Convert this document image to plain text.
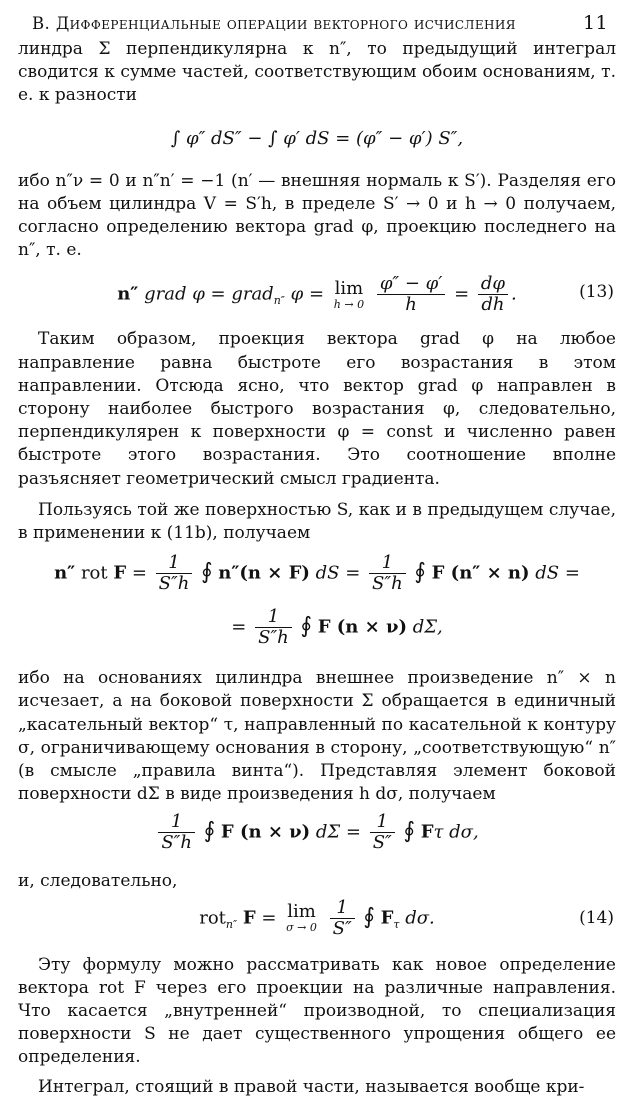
B. Дифференциальные операции векторного исчисления	11

линдра Σ перпендикулярна к n″, то предыдущий интеграл сводится к сумме частей, соответствующим обоим основаниям, т. е. к разности

∫ φ″ dS″ − ∫ φ′ dS = (φ″ − φ′) S″,

ибо n″ν = 0 и n″n′ = −1 (n′ — внешняя нормаль к S′). Разделяя его на объем цилиндра V = S′h, в пределе S′ → 0 и h → 0 получаем, согласно определению вектора grad φ, проекцию последнего на n″, т. е.

n″ grad φ = grad$_{n''}$ φ = lim
h → 0
$\frac{\varphi'' - \varphi'}{h} = \frac{d\varphi}{dh}$ .	(13)

Таким образом, проекция вектора grad φ на любое направление равна быстроте его возрастания в этом направлении. Отсюда ясно, что вектор grad φ направлен в сторону наиболее быстрого возрастания φ, следовательно, перпендикулярен к поверхности φ = const и численно равен быстроте этого возрастания. Это соотношение вполне разъясняет геометрический смысл градиента.

Пользуясь той же поверхностью S, как и в предыдущем случае, в применении к (11b), получаем

n″ rot $F = \frac{1}{S''h}$ ∮ n″(n × F) dS = $\frac{1}{S''h}$ ∮ F (n″ × n) dS =
= $\frac{1}{S''h}$ ∮ F (n × ν) dΣ,

ибо на основаниях цилиндра внешнее произведение n″ × n исчезает, а на боковой поверхности Σ обращается в единичный „касательный вектор“ τ, направленный по касательной к контуру σ, ограничивающему основания в сторону, „соответствующую“ n″ (в смысле „правила винта“). Представляя элемент боковой поверхности dΣ в виде произведения h dσ, получаем

$\frac{1}{S''h}$ ∮ F (n × ν) $d\Sigma = \frac{1}{S''}$ ∮ Fτ dσ,

и, следовательно,

rot$_{n''}$ F = lim
σ → 0
$\frac{1}{S''}$ ∮ $F_\tau$ dσ.	(14)

Эту формулу можно рассматривать как новое определение вектора rot F через его проекции на различные направления. Что касается „внутренней“ производной, то специализация поверхности S не дает существенного упрощения общего ее определения.

Интеграл, стоящий в правой части, называется вообще кри-
